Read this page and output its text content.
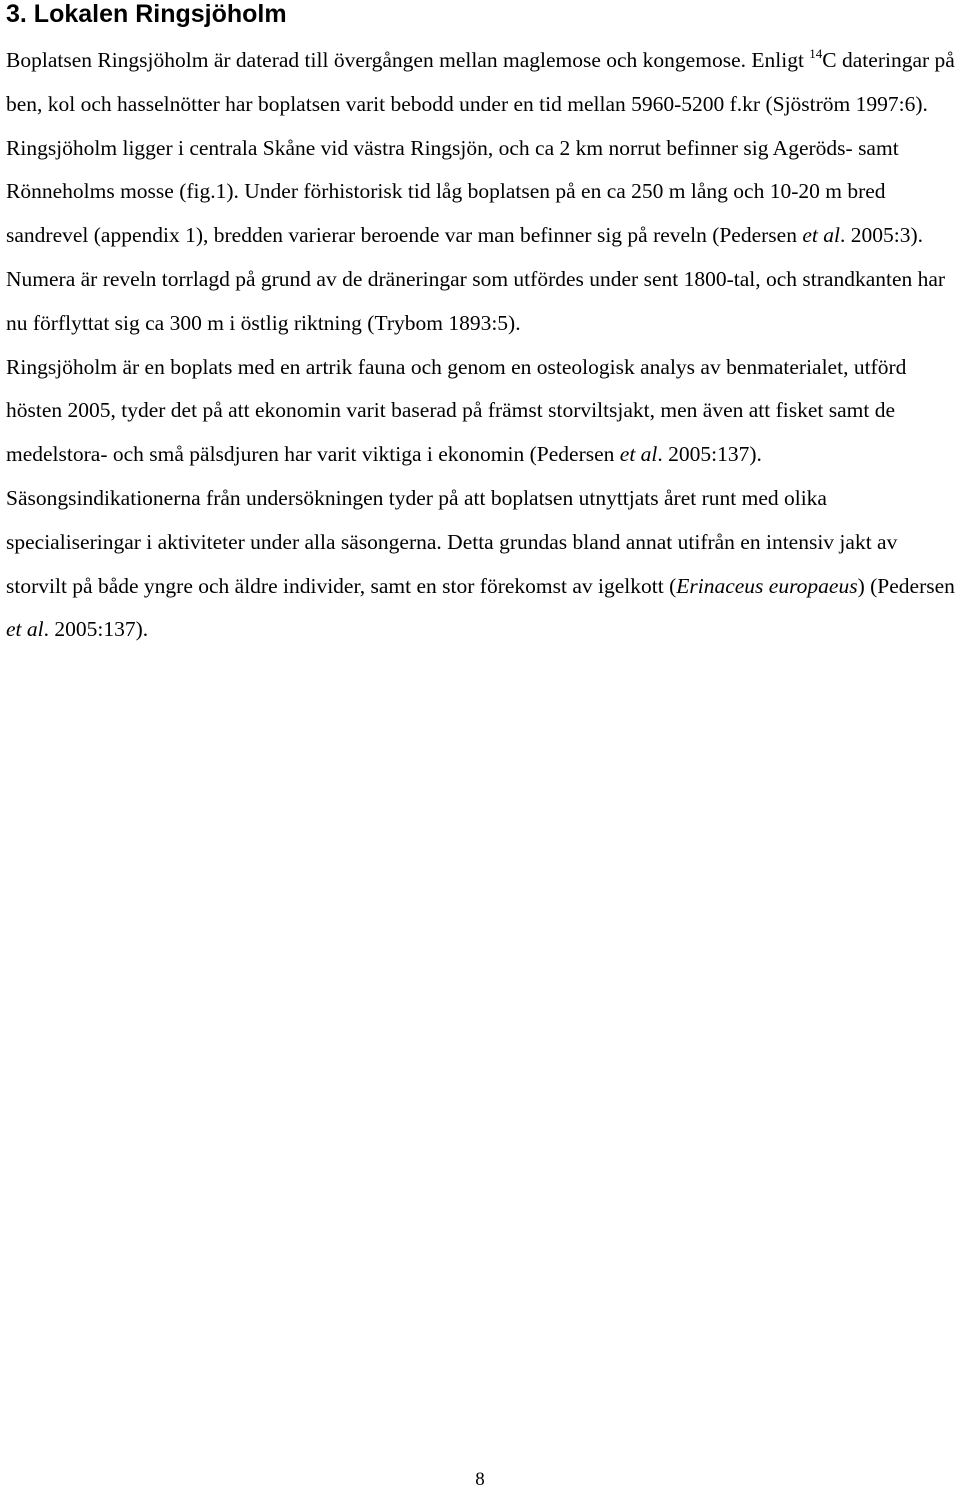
3. Lokalen Ringsjöholm

Boplatsen Ringsjöholm är daterad till övergången mellan maglemose och kongemose. Enligt $^{14}$C dateringar på ben, kol och hasselnötter har boplatsen varit bebodd under en tid mellan 5960-5200 f.kr (Sjöström 1997:6). Ringsjöholm ligger i centrala Skåne vid västra Ringsjön, och ca 2 km norrut befinner sig Ageröds- samt Rönneholms mosse (fig.1). Under förhistorisk tid låg boplatsen på en ca 250 m lång och 10-20 m bred sandrevel (appendix 1), bredden varierar beroende var man befinner sig på reveln (Pedersen et al. 2005:3). Numera är reveln torrlagd på grund av de dräneringar som utfördes under sent 1800-tal, och strandkanten har nu förflyttat sig ca 300 m i östlig riktning (Trybom 1893:5).

Ringsjöholm är en boplats med en artrik fauna och genom en osteologisk analys av benmaterialet, utförd hösten 2005, tyder det på att ekonomin varit baserad på främst storviltsjakt, men även att fisket samt de medelstora- och små pälsdjuren har varit viktiga i ekonomin (Pedersen et al. 2005:137). Säsongsindikationerna från undersökningen tyder på att boplatsen utnyttjats året runt med olika specialiseringar i aktiviteter under alla säsongerna. Detta grundas bland annat utifrån en intensiv jakt av storvilt på både yngre och äldre individer, samt en stor förekomst av igelkott (Erinaceus europaeus) (Pedersen et al. 2005:137).

8
